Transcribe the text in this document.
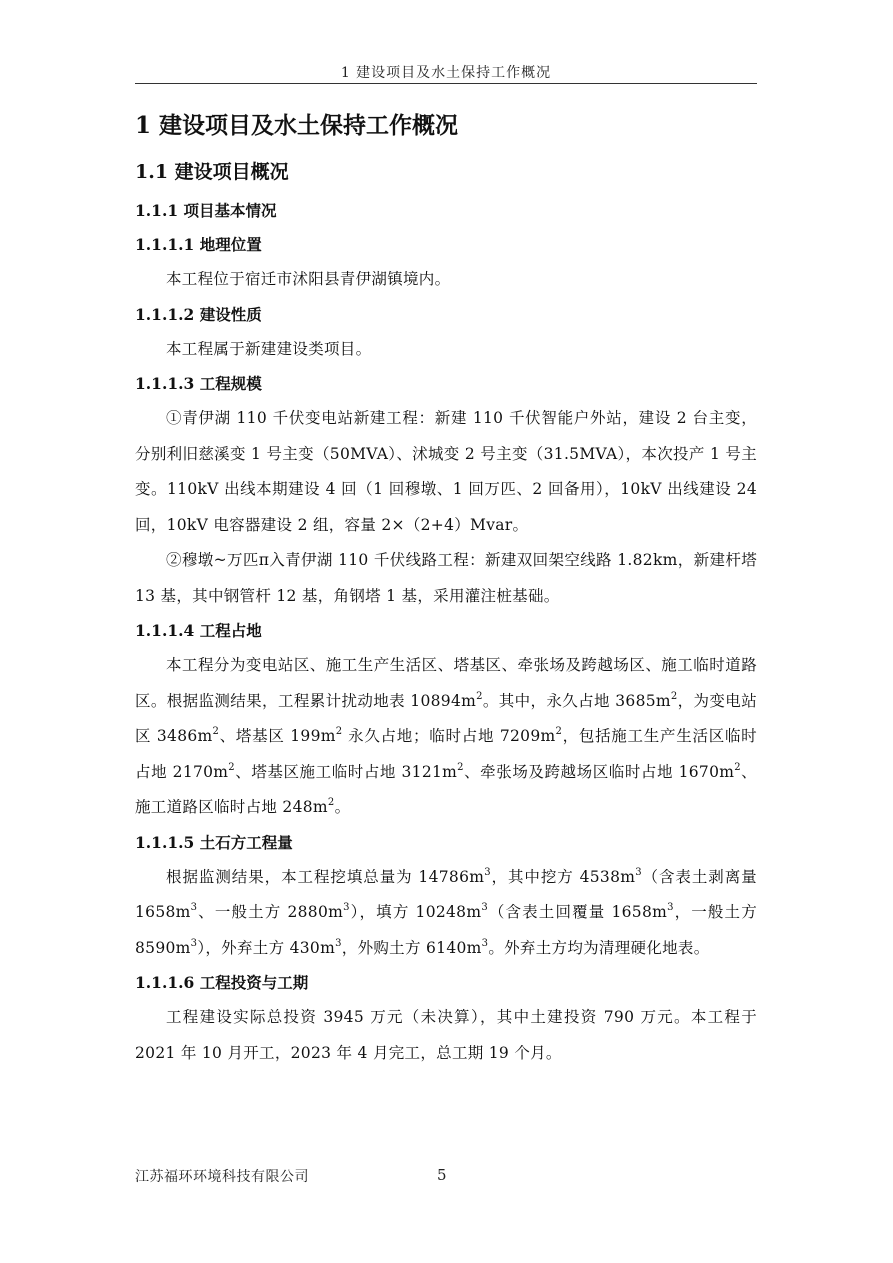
1 建设项目及水土保持工作概况
1 建设项目及水土保持工作概况
1.1 建设项目概况
1.1.1 项目基本情况
1.1.1.1 地理位置

本工程位于宿迁市沭阳县青伊湖镇境内。

1.1.1.2 建设性质

本工程属于新建建设类项目。

1.1.1.3 工程规模

①青伊湖 110 千伏变电站新建工程：新建 110 千伏智能户外站，建设 2 台主变，分别利旧慈溪变 1 号主变（50MVA）、沭城变 2 号主变（31.5MVA），本次投产 1 号主变。110kV 出线本期建设 4 回（1 回穆墩、1 回万匹、2 回备用），10kV 出线建设 24 回，10kV 电容器建设 2 组，容量 2×（2+4）Mvar。

②穆墩~万匹π入青伊湖 110 千伏线路工程：新建双回架空线路 1.82km，新建杆塔 13 基，其中钢管杆 12 基，角钢塔 1 基，采用灌注桩基础。

1.1.1.4 工程占地

本工程分为变电站区、施工生产生活区、塔基区、牵张场及跨越场区、施工临时道路区。根据监测结果，工程累计扰动地表 $10894m^2$。其中，永久占地 $3685m^2$，为变电站区 $3486m^2$、塔基区 $199m^2$ 永久占地；临时占地 $7209m^2$，包括施工生产生活区临时占地 $2170m^2$、塔基区施工临时占地 $3121m^2$、牵张场及跨越场区临时占地 $1670m^2$、施工道路区临时占地 $248m^2$。

1.1.1.5 土石方工程量

根据监测结果，本工程挖填总量为 $14786m^3$，其中挖方 $4538m^3$（含表土剥离量 $1658m^3$、一般土方 $2880m^3$），填方 $10248m^3$（含表土回覆量 $1658m^3$，一般土方 $8590m^3$），外弃土方 $430m^3$，外购土方 $6140m^3$。外弃土方均为清理硬化地表。

1.1.1.6 工程投资与工期

工程建设实际总投资 3945 万元（未决算），其中土建投资 790 万元。本工程于 2021 年 10 月开工，2023 年 4 月完工，总工期 19 个月。

江苏福环环境科技有限公司	5
